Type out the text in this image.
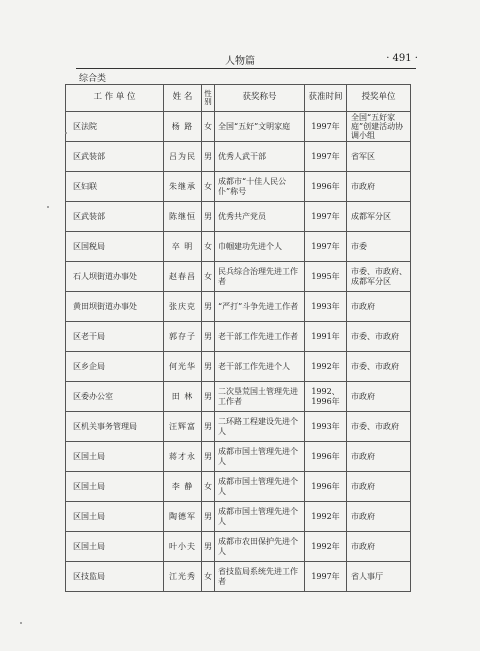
人物篇	· 491 ·
综合类
工 作 单 位	姓 名	性别	获奖称号	获准时间	授奖单位
区法院	杨 路	女	全国“五好”文明家庭	1997年	全国“五好家庭”创建活动协调小组
区武装部	吕为民	男	优秀人武干部	1997年	省军区
区妇联	朱继承	女	成都市“十佳人民公仆”称号	1996年	市政府
区武装部	陈继恒	男	优秀共产党员	1997年	成都军分区
区国税局	卒 明	女	巾帼建功先进个人	1997年	市委
石人坝街道办事处	赵春昌	女	民兵综合治理先进工作者	1995年	市委、市政府、成都军分区
黄田坝街道办事处	张庆克	男	“严打”斗争先进工作者	1993年	市政府
区老干局	郭存子	男	老干部工作先进工作者	1991年	市委、市政府
区乡企局	何光华	男	老干部工作先进个人	1992年	市委、市政府
区委办公室	田 林	男	二次垦荒国土管理先进工作者	1992、1996年	市政府
区机关事务管理局	汪辉富	男	二环路工程建设先进个人	1993年	市委、市政府
区国土局	蒋才永	男	成都市国土管理先进个人	1996年	市政府
区国土局	李 静	女	成都市国土管理先进个人	1996年	市政府
区国土局	陶德军	男	成都市国土管理先进个人	1992年	市政府
区国土局	叶小夫	男	成都市农田保护先进个人	1992年	市政府
区技监局	江光秀	女	省技监局系统先进工作者	1997年	省人事厅
